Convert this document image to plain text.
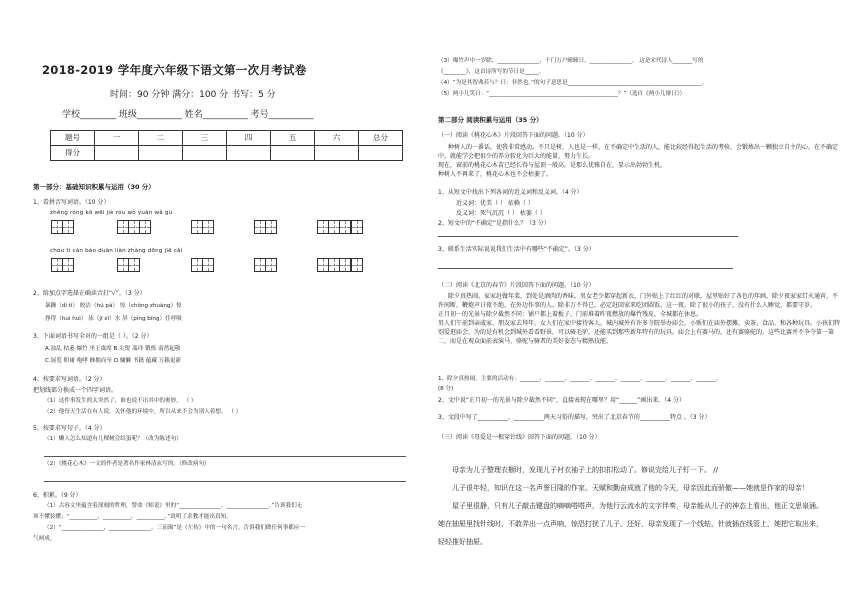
2018-2019 学年度六年级下语文第一次月考试卷
时间：90 分钟 满分：100 分 书写：5 分
学校________ 班级__________ 姓名__________ 考号__________
题号	一	二	三	四	五	六	总分
得分							
第一部分：基础知识积累与运用（30 分）
1、看拼音写词语。（10 分）
zhēng róng kǒ wēi jiè róu wò yuān wǎ gù
chóu tì cán bào duàn liàn zhàng dōng jiē cǎi
2、给加点字选择正确读音打“√”。（3 分）
暴躁（dì tì） 皎洁（hú pà） 惊（chǒng zhuàng）惊
挣得（hui huì） 泳（jī xī）水 屏（píng bīng）住呼吸
3、下面词语书写全对的一组是（ ）。（2 分）
A.浊乱 枯萎 爆竹 坐王虞席 B.尖锐 湍译 锻炼 南然起敬
C.展览 附庸 咆哮 蜂拥而至 D.慵懒 书籍 蕴藏 万籁更新
4、按要求写词语。（2 分）
把划线部分换成一个四字词语。
（1）这件事发生的太突然了，谁也说不出其中的奥妙。 （ ）
（2）他每天生活在有人说，关怀他的环境中，所以从来不会为别人着想。 （ ）
5、按要求写句子。（4 分）
（1）懒人怎么知道有几棵树会结蛋呢？（改为陈述句）
（2）《桃花心木》一文的作者是著名作家林清玄写的。（修改病句）
6、积累。（9 分）
（1）古容文里蕴含着深刻的哲理，譬命《师说》里的“_______________，_______________。”告诉我们无
须不懂装懂；“__________，__________，__________。”说明了求教才能出真知。
（2）“_______________，_______________，三而竭”是《左传》中的一句名言，告诉我们做任何事都应一
气呵成。
（3）爆竹声中一岁除，_______________，千门万户曈曈日，_______________。 这是宋代诗人_______写的
《________》，这首诗所写的节日是_____。
（4）“为是其智弗若与？曰：非然也。”的句子意思是________________________________________________。
（5）两小儿笑曰：“______________________________________________？”（选自《两小儿辩日》）
第二部分 阅读积累与运用（35 分）
（一）阅读《桃花心木》片段回答下面的问题。（10 分）
种树人的一番话，使我非常感动。不只是树，人也是一样，在不确定中生活的人，能比较经得起生活的考验，会锻炼出一颗独立自主的心。在不确定中，就能学会把很少的养分转化为巨大的能量，努力生长。
现在，窗前的桃花心木苗已经长得与屋顶一般高，是那么优雅自在，显示出勃勃生机。
种树人不再来了，桃花心木也不会枯萎了。
1、从短文中找出下列各词的近义词和反义词。（4 分）
近义词：优美（ ） 依赖（ ）
反义词：死气沉沉（ ） 枯萎（ ）
2、短文中的“不确定”是指什么？（3 分）
3、联系生活实际说说我们生活中有哪些“不确定”。（3 分）
（二）阅读《北京的春节》片段回答下面的问题。（10 分）
除夕真热闹。家家赶做年菜，到处是酒肉的香味。男女老少都穿起新衣，门外贴上了红红的对联，屋里贴好了各色的年画。除夕夜家家灯火通宵，不许间断，鞭炮声日夜不绝。在外边作事的人，除非万不得已，必定赶回家来吃团圆饭。这一夜，除了很小的孩子，没有什么人睡觉，都要守岁。
正月初一的光景与除夕截然不同：铺户都上着板子，门前堆着昨夜燃放的爆竹残皮，全城都在休息。
男人们午前到亲戚家、朋友家去拜年，女人们在家中接待客人。城内城外有许多寺院举办庙会，小贩们在庙外摆摊，卖茶、食品、和各种玩具。小孩们特别爱逛庙会，为的是有机会到城外看看野景，可以骑毛驴，还能买到那些新年特有的玩具。庙会上有赛马的，还有赛骆驼的。这些比赛并不争夺第一第二，而是在观众面前表演马、骆驼与骑者的美好姿态与精熟技能。
1、除夕真热闹，主要的活动有：_______、_______、_______、_______、_______、_______、_______、_______。
(8 分)
2、文中说“正月初一的光景与除夕截然不同”，直接表现在哪里？用“______”画出来。（4 分）
3、文段中写了__________、__________两天习俗的描写，突出了北京春节的__________特点 。（3 分）
（三）阅读《母爱是一根穿针线》回答下面的问题。（10 分）
母亲为儿子整理衣橱时，发现儿子衬衣袖子上的扣扣松动了。修说完给儿子钉一下。 //
儿子很年轻，知识在这一名声誉日隆的作家。天赋和勤奋成就了他的今天，母亲因此而骄傲——她就是作家的母亲！
屋子里很静，只有儿子敲击键盘的嘀嘀嗒嗒声，为他行云流水的文字伴奏，母亲能从儿子的神态上看出，他正文思泉涌。
她在抽屉里找针线时，不敢弄出一点声响，惊恐打扰了儿子。还好，母亲发现了一个线轱，针就插在线管上，她把它取出来，
轻轻推好抽屉。
